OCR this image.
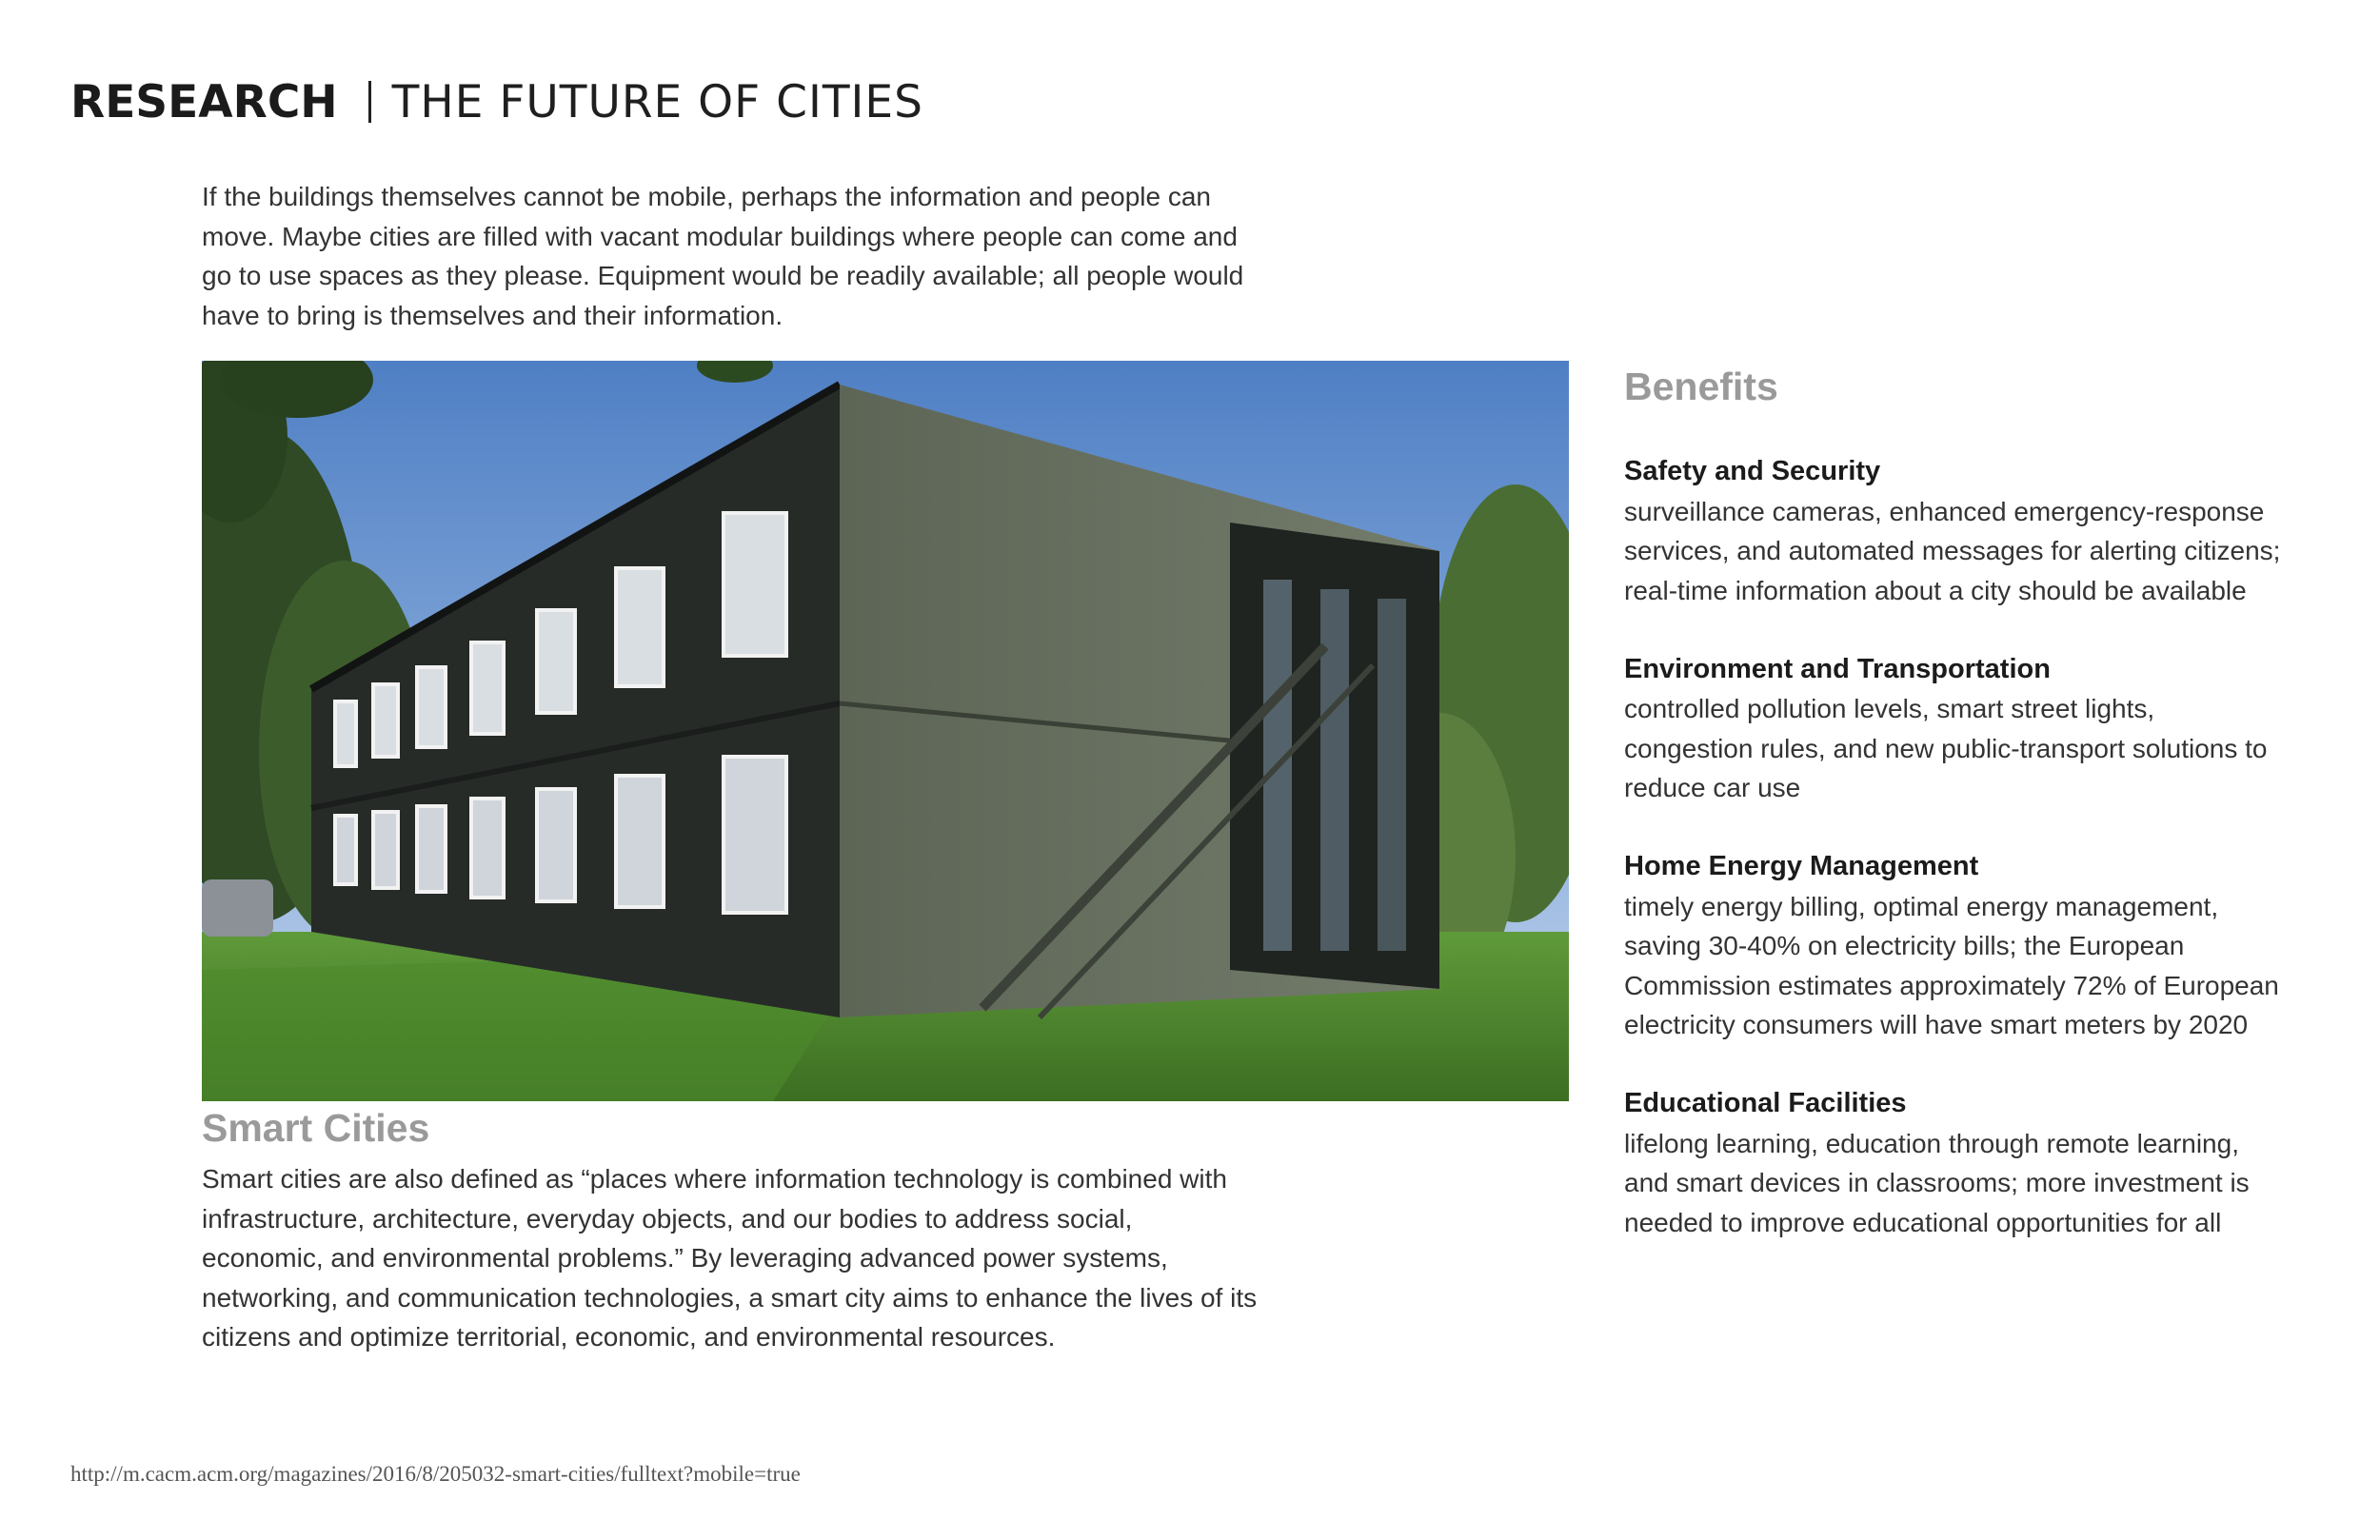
RESEARCH THE FUTURE OF CITIES
If the buildings themselves cannot be mobile, perhaps the information and people can move. Maybe cities are filled with vacant modular buildings where people can come and go to use spaces as they please. Equipment would be readily available; all people would have to bring is themselves and their information.
Smart Cities
Smart cities are also defined as “places where information technology is combined with infrastructure, architecture, everyday objects, and our bodies to address social, economic, and environmental problems.” By leveraging advanced power systems, networking, and communication technologies, a smart city aims to enhance the lives of its citizens and optimize territorial, economic, and environmental resources.
Benefits
Safety and Security
surveillance cameras, enhanced emergency-response services, and automated messages for alerting citizens; real-time information about a city should be available
Environment and Transportation
controlled pollution levels, smart street lights, congestion rules, and new public-transport solutions to reduce car use
Home Energy Management
timely energy billing, optimal energy management, saving 30-40% on electricity bills; the European Commission estimates approximately 72% of European electricity consumers will have smart meters by 2020
Educational Facilities
lifelong learning, education through remote learning, and smart devices in classrooms; more investment is needed to improve educational opportunities for all
http://m.cacm.acm.org/magazines/2016/8/205032-smart-cities/fulltext?mobile=true
